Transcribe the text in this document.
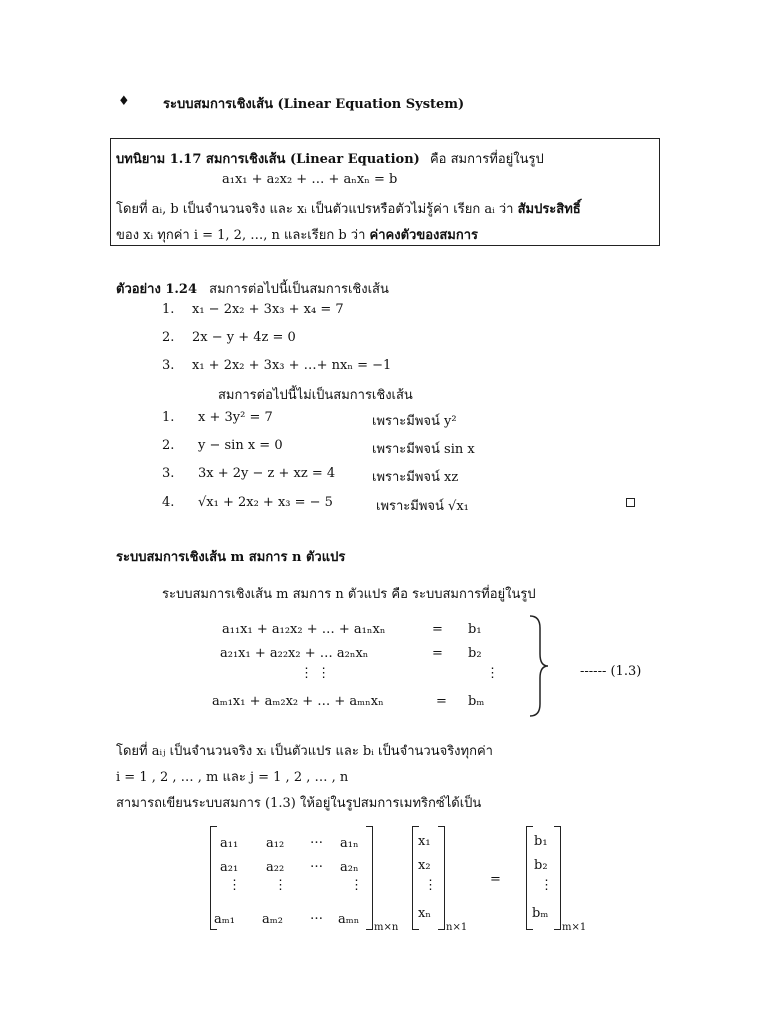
♦	ระบบสมการเชิงเส้น (Linear Equation System)
บทนิยาม 1.17 สมการเชิงเส้น (Linear Equation) คือ สมการที่อยู่ในรูป
a₁x₁ + a₂x₂ + … + aₙxₙ = b
โดยที่ aᵢ, b เป็นจำนวนจริง และ xᵢ เป็นตัวแปรหรือตัวไม่รู้ค่า เรียก aᵢ ว่า สัมประสิทธิ์
ของ xᵢ ทุกค่า i = 1, 2, …, n และเรียก b ว่า ค่าคงตัวของสมการ
ตัวอย่าง 1.24 สมการต่อไปนี้เป็นสมการเชิงเส้น
1. x₁ − 2x₂ + 3x₃ + x₄ = 7
2. 2x − y + 4z = 0
3. x₁ + 2x₂ + 3x₃ + …+ nxₙ = −1
สมการต่อไปนี้ไม่เป็นสมการเชิงเส้น
1. x + 3y² = 7	เพราะมีพจน์ y²
2. y − sin x = 0	เพราะมีพจน์ sin x
3. 3x + 2y − z + xz = 4	เพราะมีพจน์ xz
4. √x₁ + 2x₂ + x₃ = − 5	เพราะมีพจน์ √x₁
ระบบสมการเชิงเส้น m สมการ n ตัวแปร
ระบบสมการเชิงเส้น m สมการ n ตัวแปร คือ ระบบสมการที่อยู่ในรูป
a₁₁x₁ + a₁₂x₂ + … + a₁ₙxₙ	= b₁
a₂₁x₁ + a₂₂x₂ + … a₂ₙxₙ	= b₂
⋮ ⋮	⋮
aₘ₁x₁ + aₘ₂x₂ + … + aₘₙxₙ	= bₘ
------ (1.3)
โดยที่ aᵢⱼ เป็นจำนวนจริง xᵢ เป็นตัวแปร และ bᵢ เป็นจำนวนจริงทุกค่า
i = 1 , 2 , … , m และ j = 1 , 2 , … , n
สามารถเขียนระบบสมการ (1.3) ให้อยู่ในรูปสมการเมทริกซ์ได้เป็น
a₁₁ a₁₂ … a₁ₙ
a₂₁ a₂₂ … a₂ₙ
⋮	⋮	⋮
aₘ₁ aₘ₂ … aₘₙ
m×n
x₁
x₂
⋮
xₙ
n×1
=
b₁
b₂
⋮
bₘ
m×1
